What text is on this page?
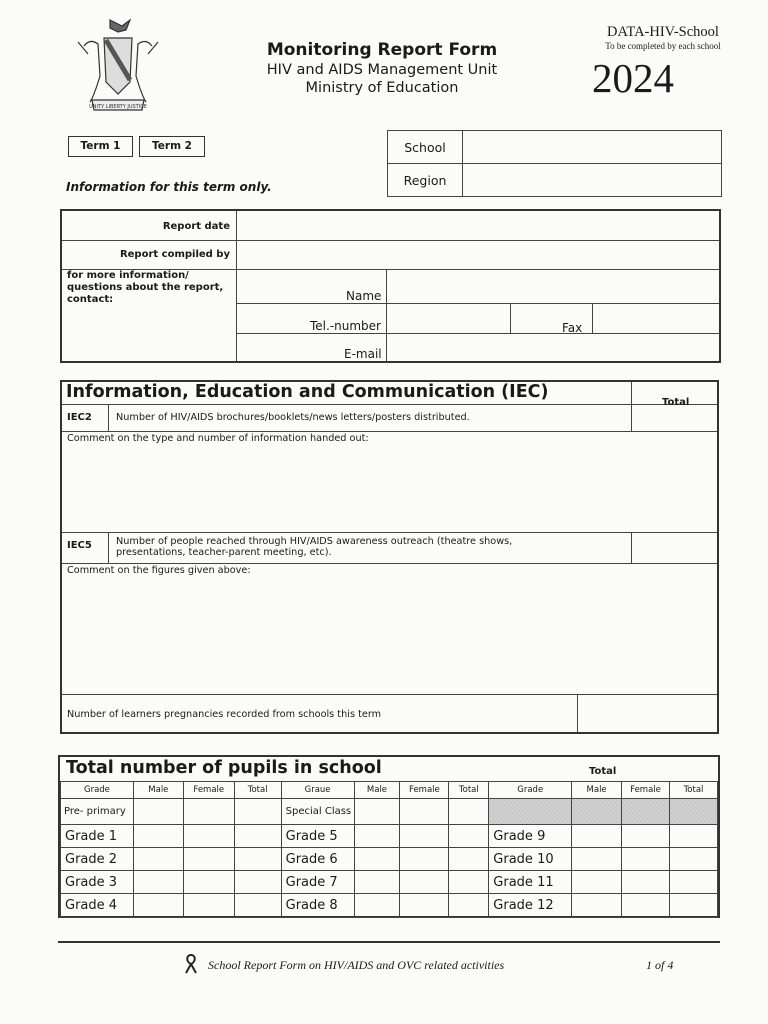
UNITY LIBERTY JUSTICE
Monitoring Report Form
HIV and AIDS Management Unit
Ministry of Education
DATA-HIV-School
To be completed by each school
2024
Term 1	Term 2
Information for this term only.
School	
Region	
Report date
Report compiled by
for more information/ questions about the report, contact:	Name
Tel.-number	Fax
E-mail
Total
IEC2 Number of HIV/AIDS brochures/booklets/news letters/posters distributed.
Comment on the type and number of information handed out:
IEC5 Number of people reached through HIV/AIDS awareness outreach (theatre shows, presentations, teacher-parent meeting, etc).
Comment on the figures given above:
Number of learners pregnancies recorded from schools this term
Information, Education and Communication (IEC)
Total number of pupils in school	Total
Grade	Male	Female	Total	Graue	Male	Female	Total	Grade	Male	Female	Total
Pre- primary				Special Class							
Grade 1				Grade 5				Grade 9			
Grade 2				Grade 6				Grade 10			
Grade 3				Grade 7				Grade 11			
Grade 4				Grade 8				Grade 12			
School Report Form on HIV/AIDS and OVC related activities	1 of 4
